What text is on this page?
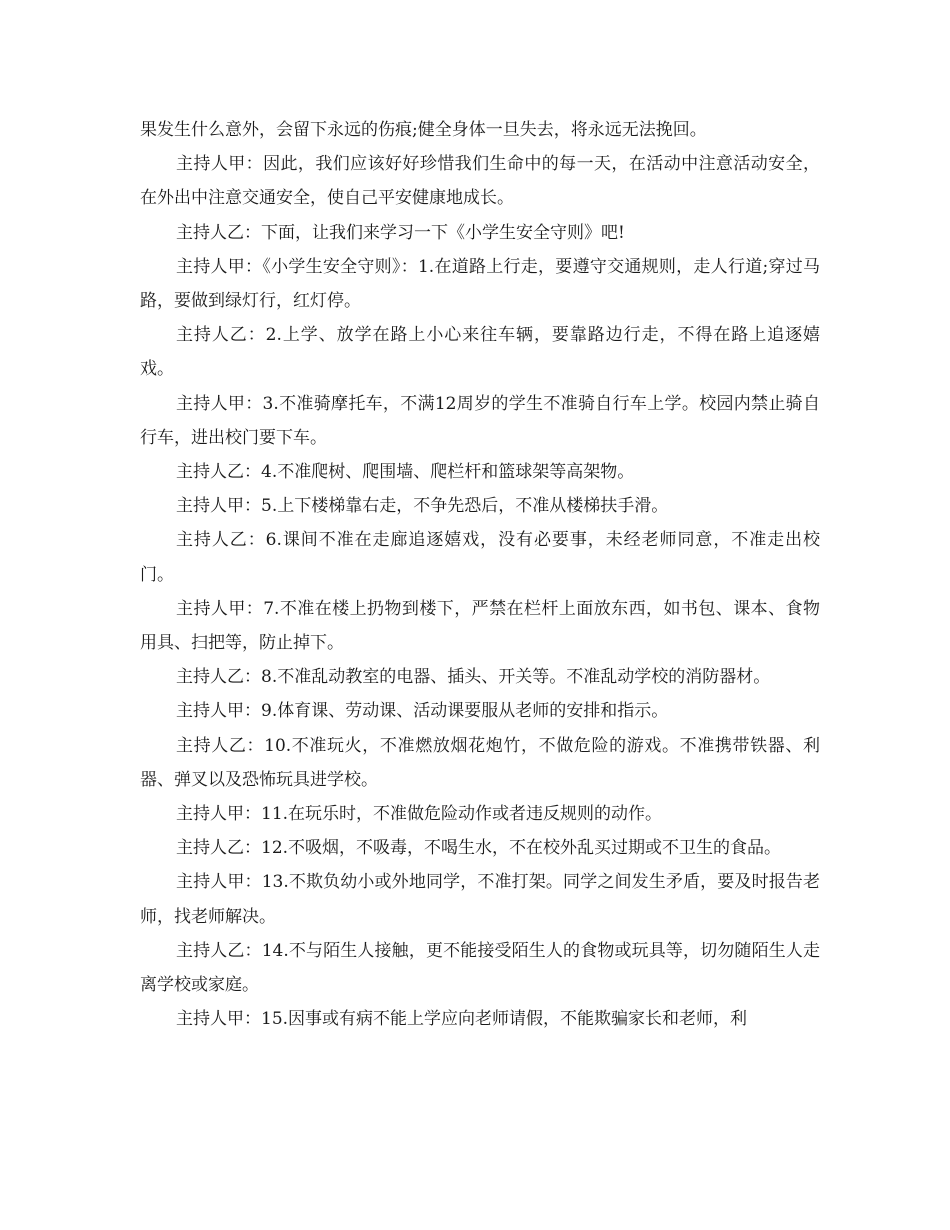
果发生什么意外，会留下永远的伤痕;健全身体一旦失去，将永远无法挽回。

主持人甲：因此，我们应该好好珍惜我们生命中的每一天，在活动中注意活动安全，在外出中注意交通安全，使自己平安健康地成长。

主持人乙：下面，让我们来学习一下《小学生安全守则》吧!

主持人甲：《小学生安全守则》：1.在道路上行走，要遵守交通规则，走人行道;穿过马路，要做到绿灯行，红灯停。

主持人乙：2.上学、放学在路上小心来往车辆，要靠路边行走，不得在路上追逐嬉戏。

主持人甲：3.不准骑摩托车，不满12周岁的学生不准骑自行车上学。校园内禁止骑自行车，进出校门要下车。

主持人乙：4.不准爬树、爬围墙、爬栏杆和篮球架等高架物。

主持人甲：5.上下楼梯靠右走，不争先恐后，不准从楼梯扶手滑。

主持人乙：6.课间不准在走廊追逐嬉戏，没有必要事，未经老师同意，不准走出校门。

主持人甲：7.不准在楼上扔物到楼下，严禁在栏杆上面放东西，如书包、课本、食物用具、扫把等，防止掉下。

主持人乙：8.不准乱动教室的电器、插头、开关等。不准乱动学校的消防器材。

主持人甲：9.体育课、劳动课、活动课要服从老师的安排和指示。

主持人乙：10.不准玩火，不准燃放烟花炮竹，不做危险的游戏。不准携带铁器、利器、弹叉以及恐怖玩具进学校。

主持人甲：11.在玩乐时，不准做危险动作或者违反规则的动作。

主持人乙：12.不吸烟，不吸毒，不喝生水，不在校外乱买过期或不卫生的食品。

主持人甲：13.不欺负幼小或外地同学，不准打架。同学之间发生矛盾，要及时报告老师，找老师解决。

主持人乙：14.不与陌生人接触，更不能接受陌生人的食物或玩具等，切勿随陌生人走离学校或家庭。

主持人甲：15.因事或有病不能上学应向老师请假，不能欺骗家长和老师，利
